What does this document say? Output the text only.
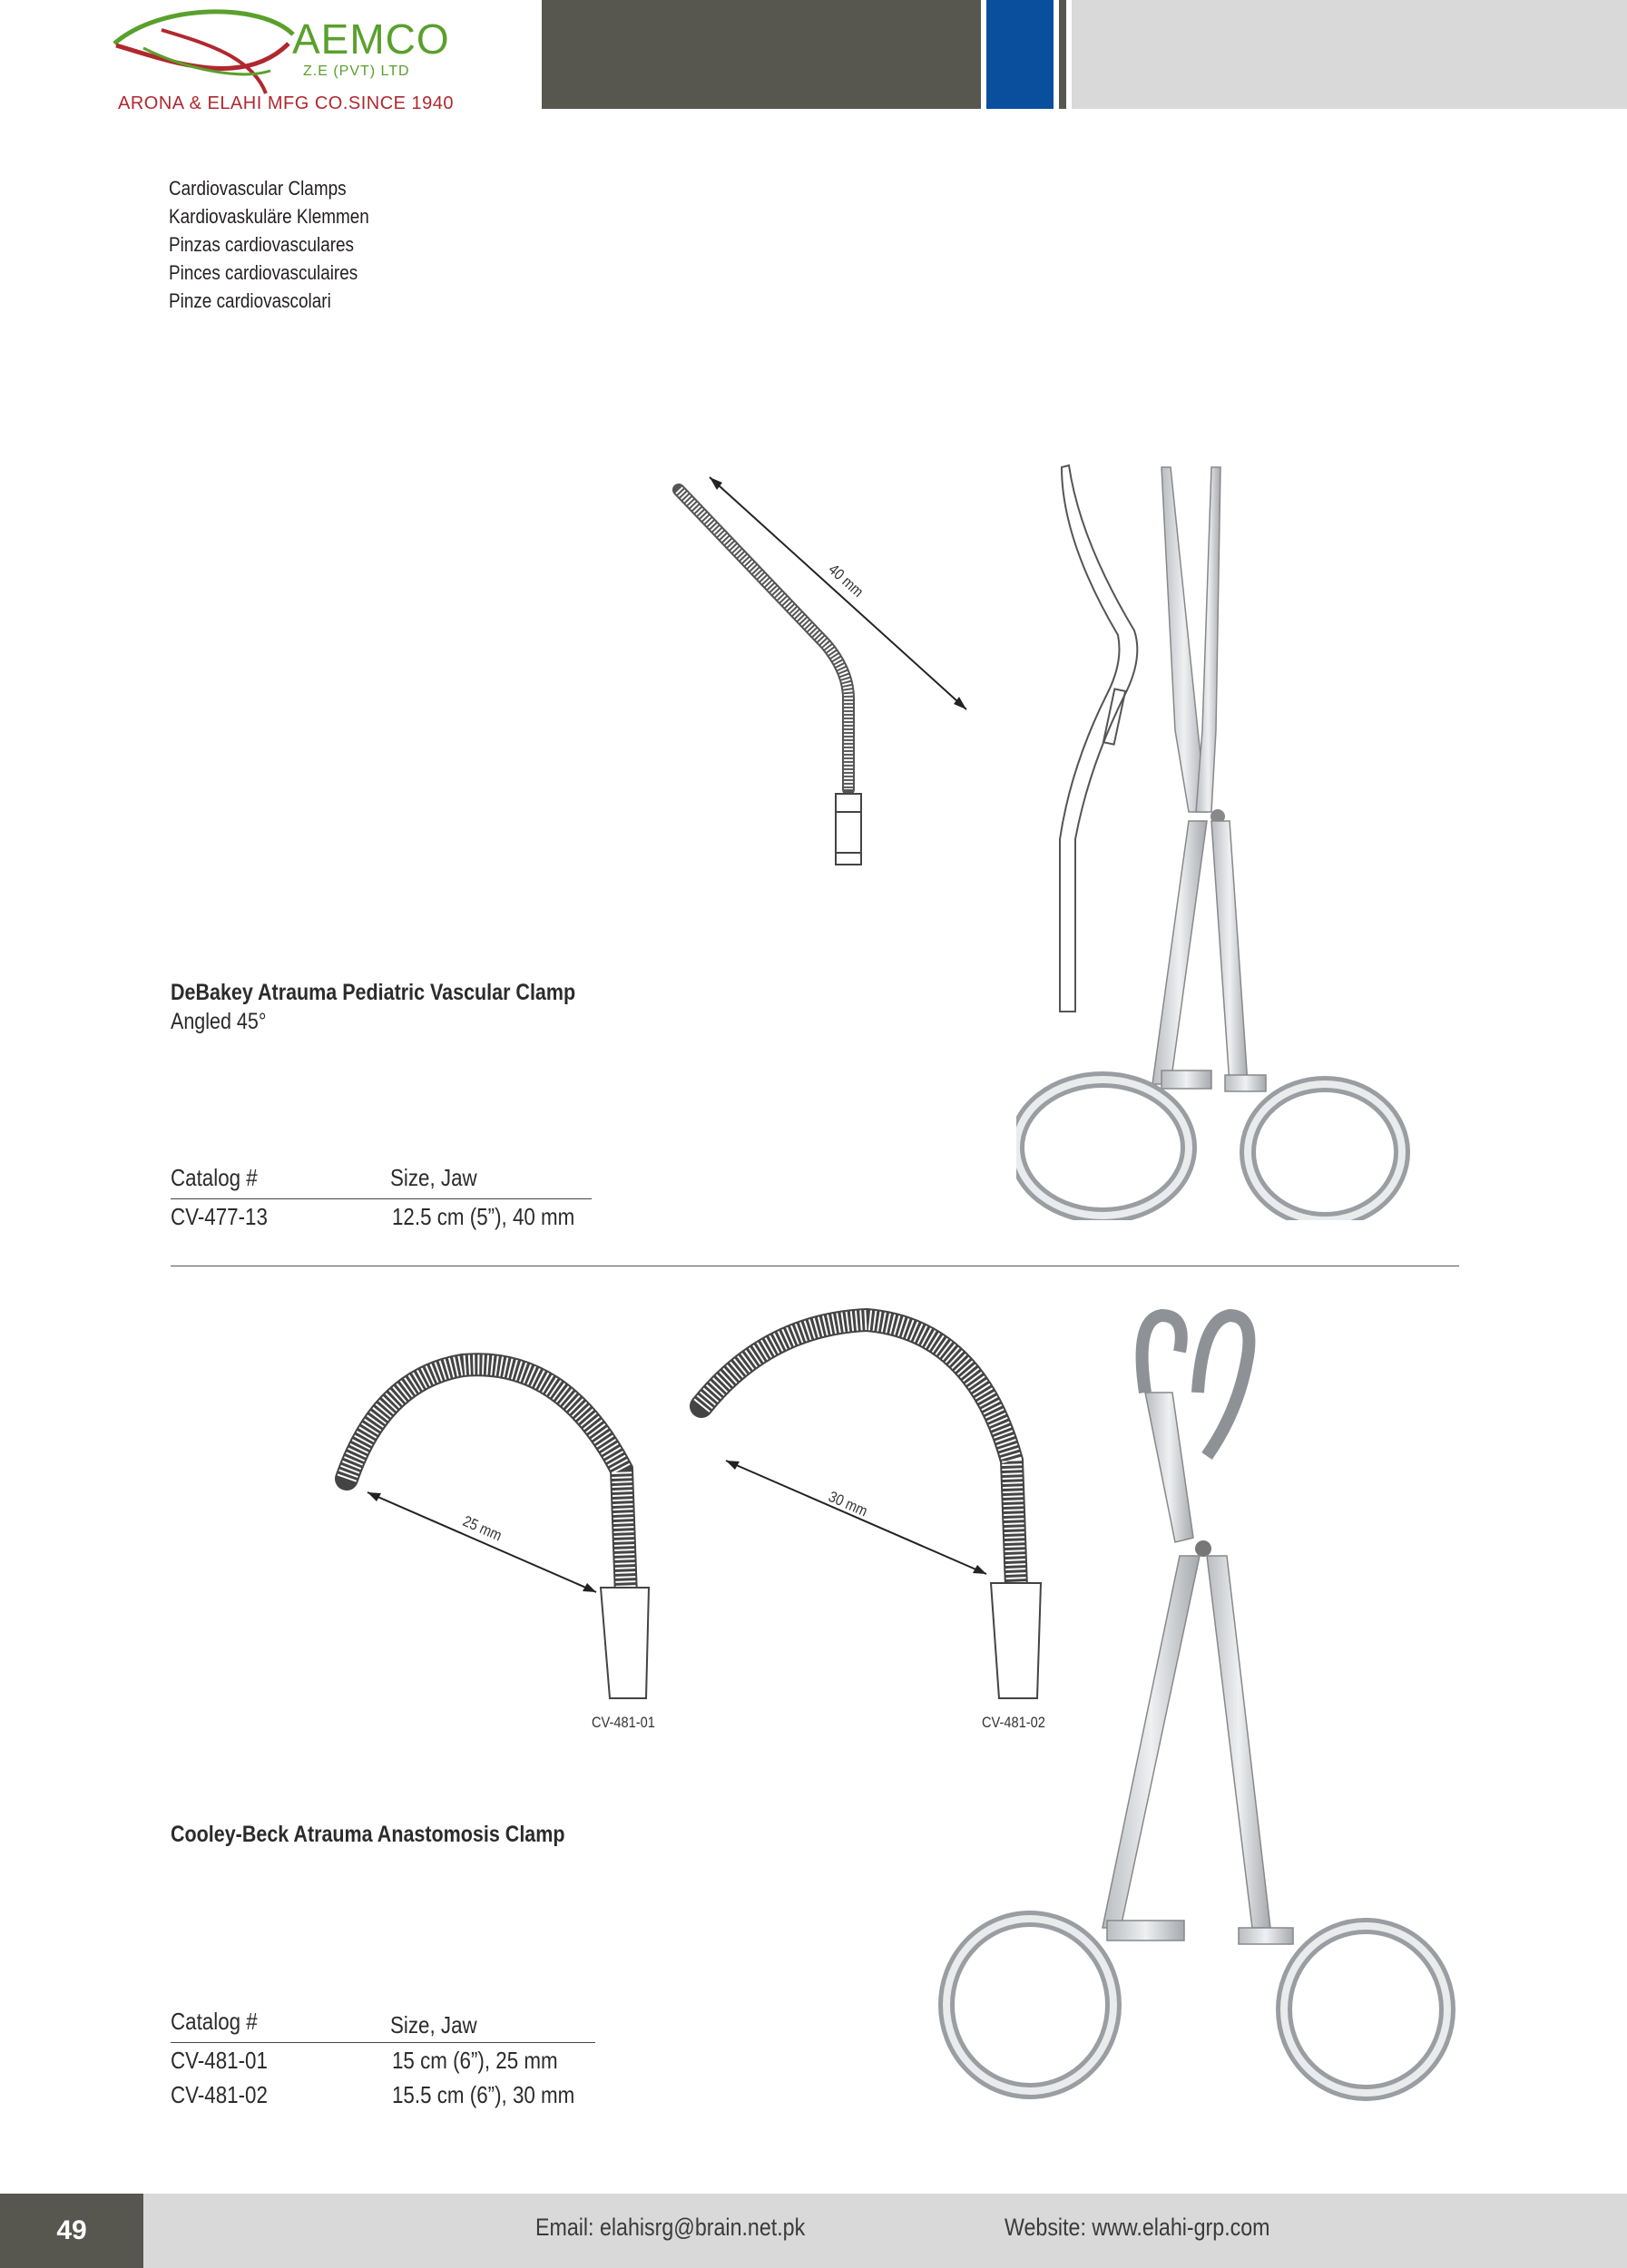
AEMCO
Z.E (PVT) LTD
ARONA & ELAHI MFG CO.SINCE 1940
Cardiovascular Clamps
Kardiovaskuläre Klemmen
Pinzas cardiovasculares
Pinces cardiovasculaires
Pinze cardiovascolari
40 mm
DeBakey Atrauma Pediatric Vascular Clamp
Angled 45°
Catalog #	Size, Jaw
CV-477-13	12.5 cm (5”), 40 mm
25 mm
CV-481-01
30 mm
CV-481-02
Cooley-Beck Atrauma Anastomosis Clamp
Catalog #	Size, Jaw
CV-481-01	15 cm (6”), 25 mm
CV-481-02	15.5 cm (6”), 30 mm
49	Email: elahisrg@brain.net.pk	Website: www.elahi-grp.com
